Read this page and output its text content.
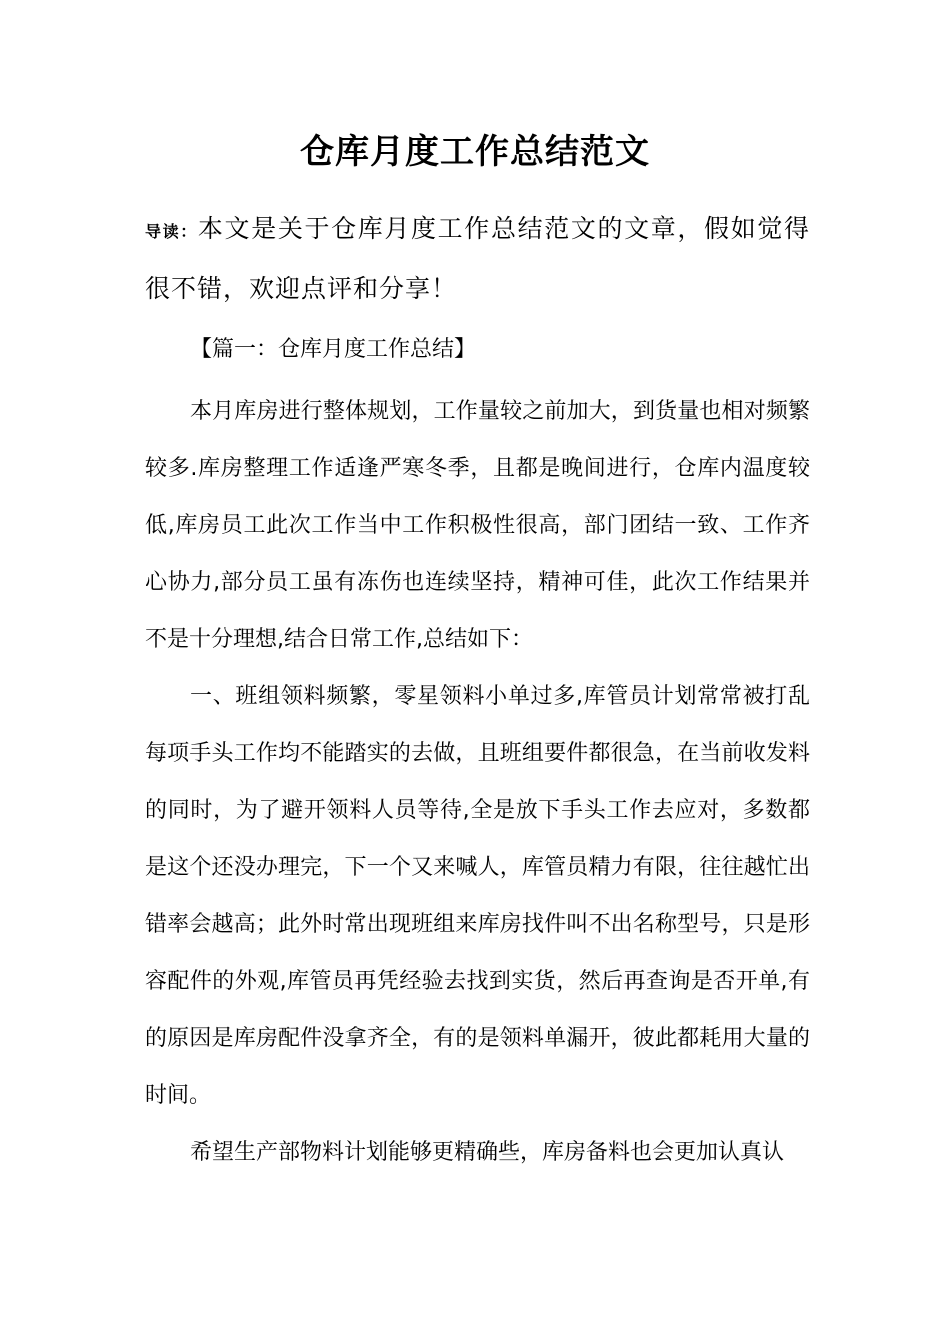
仓库月度工作总结范文
导读：本文是关于仓库月度工作总结范文的文章，假如觉得很不错，欢迎点评和分享！
【篇一：仓库月度工作总结】

本月库房进行整体规划，工作量较之前加大，到货量也相对频繁较多.库房整理工作适逢严寒冬季，且都是晚间进行，仓库内温度较低,库房员工此次工作当中工作积极性很高，部门团结一致、工作齐心协力,部分员工虽有冻伤也连续坚持，精神可佳，此次工作结果并不是十分理想,结合日常工作,总结如下：

一、班组领料频繁，零星领料小单过多,库管员计划常常被打乱每项手头工作均不能踏实的去做，且班组要件都很急，在当前收发料的同时，为了避开领料人员等待,全是放下手头工作去应对，多数都是这个还没办理完，下一个又来喊人，库管员精力有限，往往越忙出错率会越高；此外时常出现班组来库房找件叫不出名称型号，只是形容配件的外观,库管员再凭经验去找到实货，然后再查询是否开单,有的原因是库房配件没拿齐全，有的是领料单漏开，彼此都耗用大量的时间。

希望生产部物料计划能够更精确些，库房备料也会更加认真认
